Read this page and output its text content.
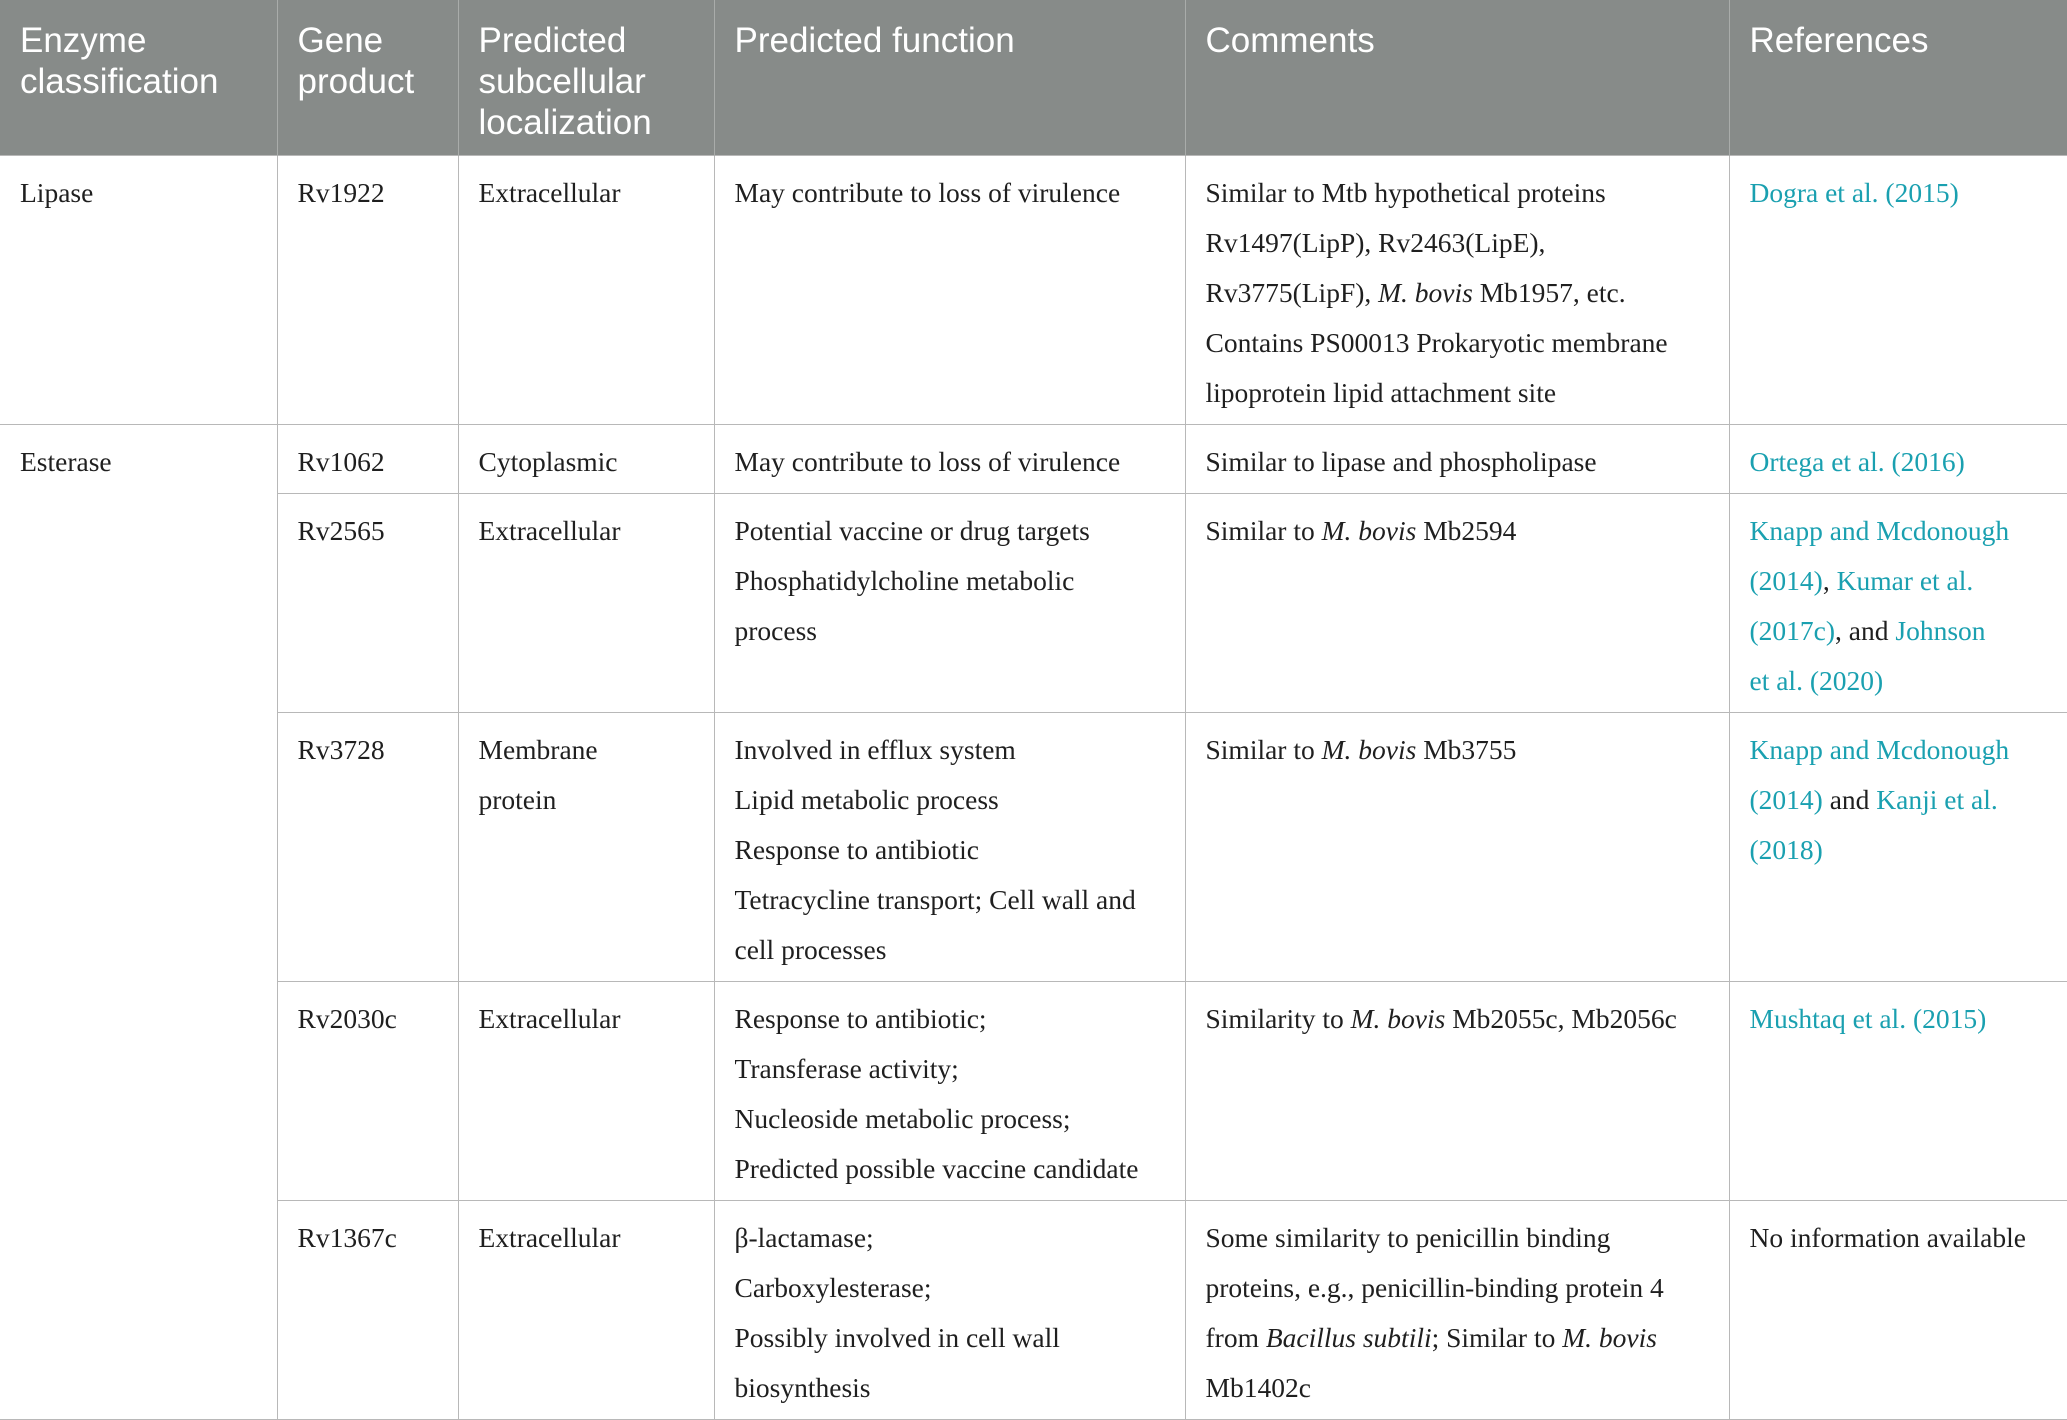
Enzyme
classification	Gene
product	Predicted
subcellular
localization	Predicted function	Comments	References
Lipase	Rv1922	Extracellular	May contribute to loss of virulence	Similar to Mtb hypothetical proteins
Rv1497(LipP), Rv2463(LipE),
Rv3775(LipF), M. bovis Mb1957, etc.
Contains PS00013 Prokaryotic membrane
lipoprotein lipid attachment site	Dogra et al. (2015)

Esterase	Rv1062	Cytoplasmic	May contribute to loss of virulence	Similar to lipase and phospholipase	Ortega et al. (2016)

	Rv2565	Extracellular	Potential vaccine or drug targets
Phosphatidylcholine metabolic
process	Similar to M. bovis Mb2594	Knapp and Mcdonough
(2014), Kumar et al.
(2017c), and Johnson
et al. (2020)

	Rv3728	Membrane
protein	Involved in efflux system
Lipid metabolic process
Response to antibiotic
Tetracycline transport; Cell wall and
cell processes	Similar to M. bovis Mb3755	Knapp and Mcdonough
(2014) and Kanji et al.
(2018)

	Rv2030c	Extracellular	Response to antibiotic;
Transferase activity;
Nucleoside metabolic process;
Predicted possible vaccine candidate	Similarity to M. bovis Mb2055c, Mb2056c	Mushtaq et al. (2015)

	Rv1367c	Extracellular	β-lactamase;
Carboxylesterase;
Possibly involved in cell wall
biosynthesis	Some similarity to penicillin binding
proteins, e.g., penicillin-binding protein 4
from Bacillus subtili; Similar to M. bovis
Mb1402c	No information available
